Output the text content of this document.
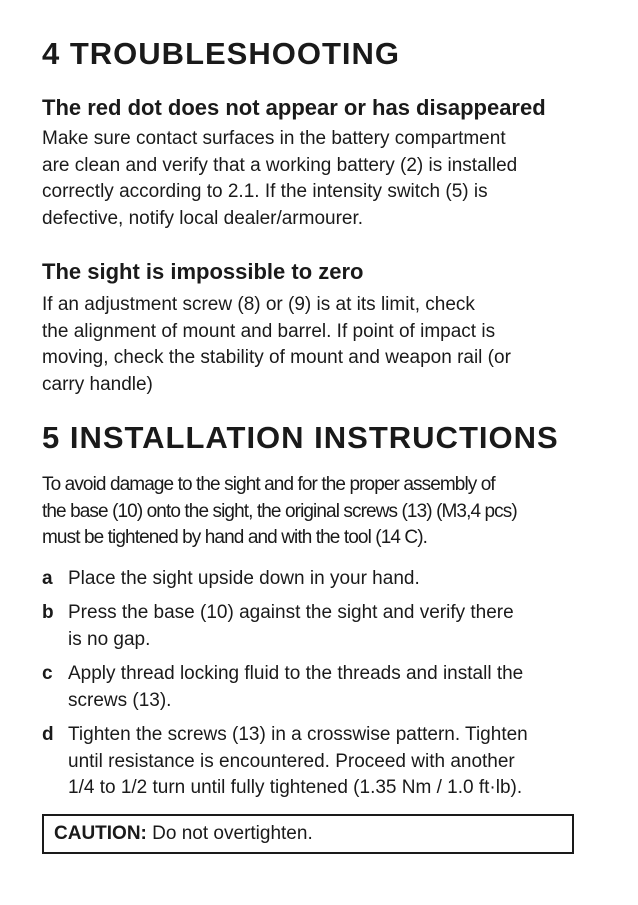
4 TROUBLESHOOTING
The red dot does not appear or has disappeared

Make sure contact surfaces in the battery compartment
are clean and verify that a working battery (2) is installed
correctly according to 2.1. If the intensity switch (5) is
defective, notify local dealer/armourer.

The sight is impossible to zero

If an adjustment screw (8) or (9) is at its limit, check
the alignment of mount and barrel. If point of impact is
moving, check the stability of mount and weapon rail (or
carry handle)

5 INSTALLATION INSTRUCTIONS

To avoid damage to the sight and for the proper assembly of
the base (10) onto the sight, the original screws (13) (M3,4 pcs)
must be tightened by hand and with the tool (14 C).

a Place the sight upside down in your hand.
b Press the base (10) against the sight and verify there
is no gap.
c Apply thread locking fluid to the threads and install the
screws (13).
d Tighten the screws (13) in a crosswise pattern. Tighten
until resistance is encountered. Proceed with another
1/4 to 1/2 turn until fully tightened (1.35 Nm / 1.0 ft·lb).
CAUTION: Do not overtighten.
